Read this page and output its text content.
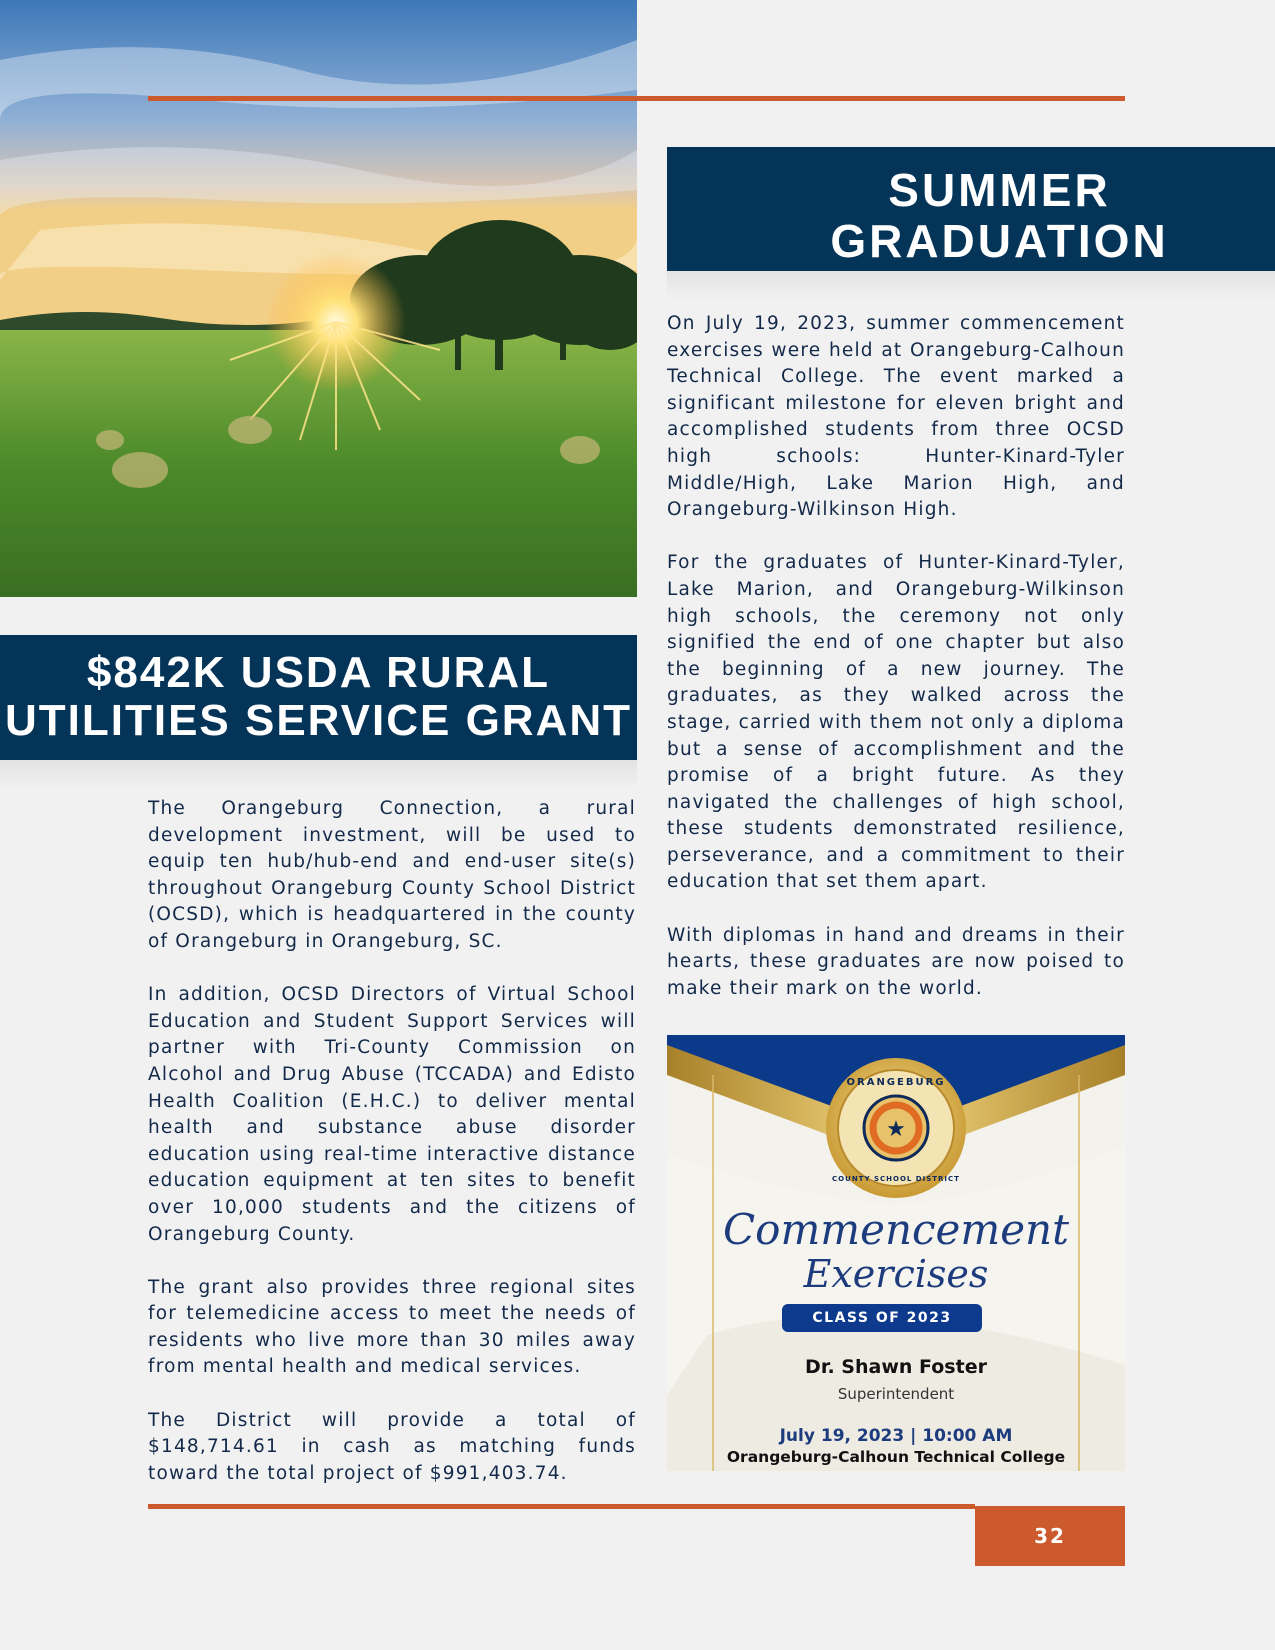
SUMMER
GRADUATION

On July 19, 2023, summer commencement exercises were held at Orangeburg-Calhoun Technical College. The event marked a significant milestone for eleven bright and accomplished students from three OCSD high schools: Hunter-Kinard-Tyler Middle/High, Lake Marion High, and Orangeburg-Wilkinson High.

For the graduates of Hunter-Kinard-Tyler, Lake Marion, and Orangeburg-Wilkinson high schools, the ceremony not only signified the end of one chapter but also the beginning of a new journey. The graduates, as they walked across the stage, carried with them not only a diploma but a sense of accomplishment and the promise of a bright future. As they navigated the challenges of high school, these students demonstrated resilience, perseverance, and a commitment to their education that set them apart.

With diplomas in hand and dreams in their hearts, these graduates are now poised to make their mark on the world.

$842K USDA RURAL
UTILITIES SERVICE GRANT

The Orangeburg Connection, a rural development investment, will be used to equip ten hub/hub-end and end-user site(s) throughout Orangeburg County School District (OCSD), which is headquartered in the county of Orangeburg in Orangeburg, SC.

In addition, OCSD Directors of Virtual School Education and Student Support Services will partner with Tri-County Commission on Alcohol and Drug Abuse (TCCADA) and Edisto Health Coalition (E.H.C.) to deliver mental health and substance abuse disorder education using real-time interactive distance education equipment at ten sites to benefit over 10,000 students and the citizens of Orangeburg County.

The grant also provides three regional sites for telemedicine access to meet the needs of residents who live more than 30 miles away from mental health and medical services.

The District will provide a total of $148,714.61 in cash as matching funds toward the total project of $991,403.74.

★
ORANGEBURG
COUNTY SCHOOL DISTRICT
Commencement
Exercises
CLASS OF 2023
Dr. Shawn Foster
Superintendent
July 19, 2023 | 10:00 AM
Orangeburg-Calhoun Technical College
32
